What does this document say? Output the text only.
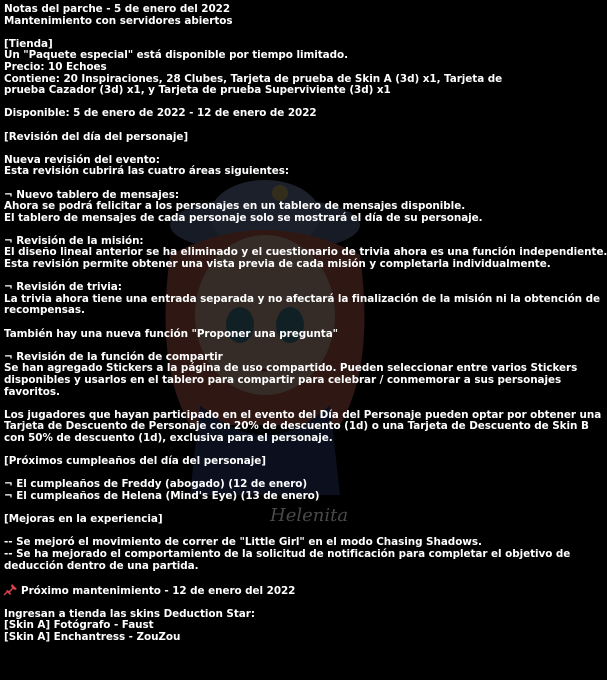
Helenita
Notas del parche - 5 de enero del 2022
Mantenimiento con servidores abiertos
[Tienda]
Un "Paquete especial" está disponible por tiempo limitado.
Precio: 10 Echoes
Contiene: 20 Inspiraciones, 28 Clubes, Tarjeta de prueba de Skin A (3d) x1, Tarjeta de prueba Cazador (3d) x1, y Tarjeta de prueba Superviviente (3d) x1
Disponible: 5 de enero de 2022 - 12 de enero de 2022
[Revisión del día del personaje]
Nueva revisión del evento:
Esta revisión cubrirá las cuatro áreas siguientes:
¬ Nuevo tablero de mensajes:
Ahora se podrá felicitar a los personajes en un tablero de mensajes disponible.
El tablero de mensajes de cada personaje solo se mostrará el día de su personaje.
¬ Revisión de la misión:
El diseño lineal anterior se ha eliminado y el cuestionario de trivia ahora es una función independiente.
Esta revisión permite obtener una vista previa de cada misión y completarla individualmente.
¬ Revisión de trivia:
La trivia ahora tiene una entrada separada y no afectará la finalización de la misión ni la obtención de
recompensas.
También hay una nueva función "Proponer una pregunta"
¬ Revisión de la función de compartir
Se han agregado Stickers a la página de uso compartido. Pueden seleccionar entre varios Stickers
disponibles y usarlos en el tablero para compartir para celebrar / conmemorar a sus personajes
favoritos.
Los jugadores que hayan participado en el evento del Día del Personaje pueden optar por obtener una
Tarjeta de Descuento de Personaje con 20% de descuento (1d) o una Tarjeta de Descuento de Skin B
con 50% de descuento (1d), exclusiva para el personaje.
[Próximos cumpleaños del día del personaje]
¬ El cumpleaños de Freddy (abogado) (12 de enero)
¬ El cumpleaños de Helena (Mind's Eye) (13 de enero)
[Mejoras en la experiencia]
-- Se mejoró el movimiento de correr de "Little Girl" en el modo Chasing Shadows.
-- Se ha mejorado el comportamiento de la solicitud de notificación para completar el objetivo de
deducción dentro de una partida.
Próximo mantenimiento - 12 de enero del 2022
Ingresan a tienda las skins Deduction Star:
[Skin A] Fotógrafo - Faust
[Skin A] Enchantress - ZouZou
